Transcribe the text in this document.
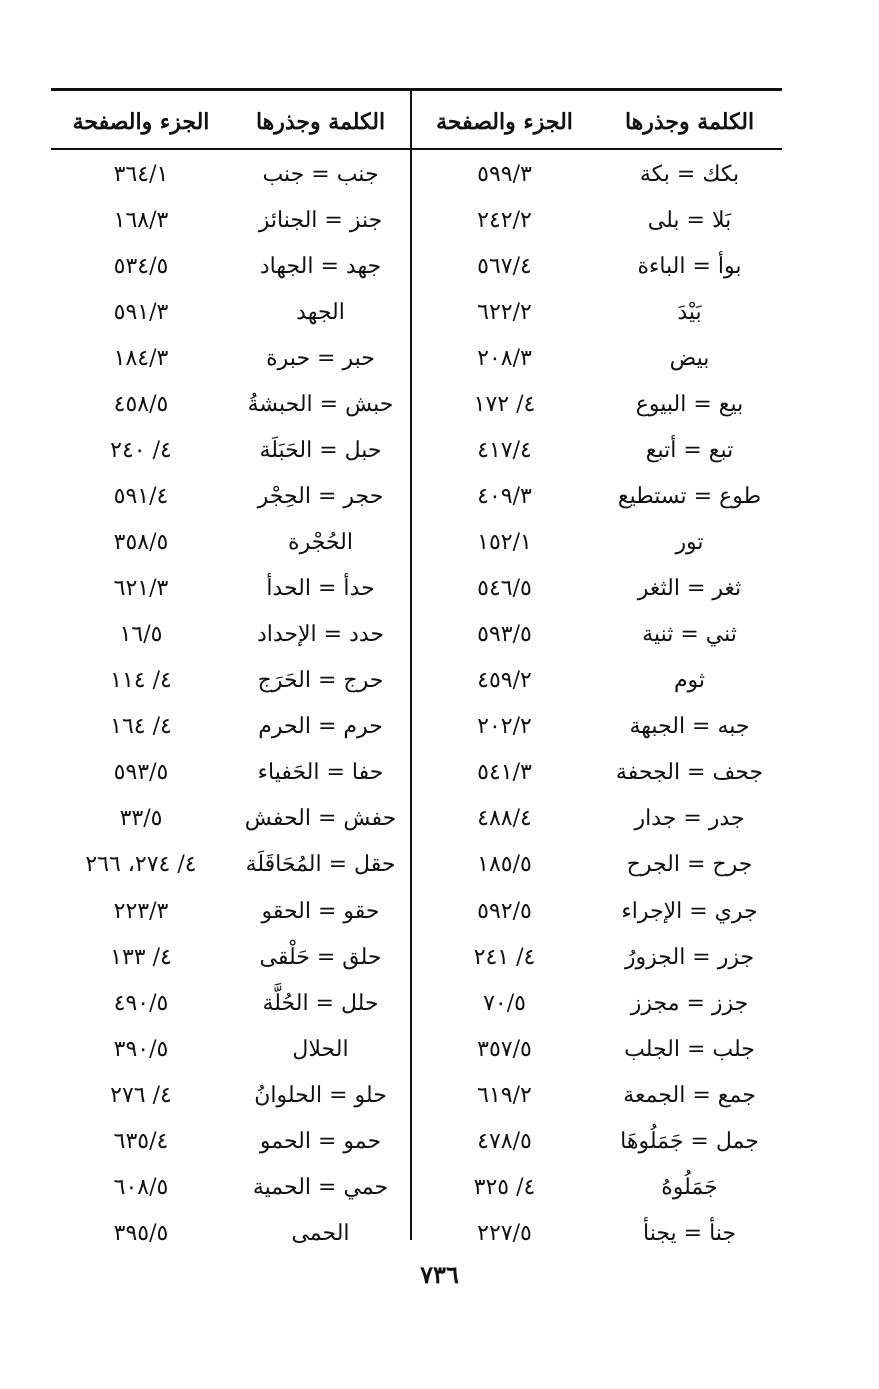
الكلمة وجذرها
الجزء والصفحة
الكلمة وجذرها
الجزء والصفحة
بكك = بكة
٥٩٩/٣
بَلا = بلى
٢٤٢/٢
بوأ = الباءة
٥٦٧/٤
بَيْدَ
٦٢٢/٢
بيض
٢٠٨/٣
بيع = البيوع
٤/ ١٧٢
تبع = أتبع
٤١٧/٤
طوع = تستطيع
٤٠٩/٣
تور
١٥٢/١
ثغر = الثغر
٥٤٦/٥
ثني = ثنية
٥٩٣/٥
ثوم
٤٥٩/٢
جبه = الجبهة
٢٠٢/٢
جحف = الجحفة
٥٤١/٣
جدر = جدار
٤٨٨/٤
جرح = الجرح
١٨٥/٥
جري = الإجراء
٥٩٢/٥
جزر = الجزورُ
٤/ ٢٤١
جزز = مجزز
٧٠/٥
جلب = الجلب
٣٥٧/٥
جمع = الجمعة
٦١٩/٢
جمل = جَمَلُوهَا
٤٧٨/٥
جَمَلُوهُ
٤/ ٣٢٥
جنأ = يجنأ
٢٢٧/٥
جنب = جنب
٣٦٤/١
جنز = الجنائز
١٦٨/٣
جهد = الجهاد
٥٣٤/٥
الجهد
٥٩١/٣
حبر = حبرة
١٨٤/٣
حبش = الحبشةُ
٤٥٨/٥
حبل = الحَبَلَة
٤/ ٢٤٠
حجر = الحِجْر
٥٩١/٤
الحُجْرة
٣٥٨/٥
حدأ = الحدأ
٦٢١/٣
حدد = الإحداد
١٦/٥
حرج = الحَرَج
٤/ ١١٤
حرم = الحرم
٤/ ١٦٤
حفا = الحَفياء
٥٩٣/٥
حفش = الحفش
٣٣/٥
حقل = المُحَاقَلَة
٤/ ٢٧٤، ٢٦٦
حقو = الحقو
٢٢٣/٣
حلق = حَلْقى
٤/ ١٣٣
حلل = الحُلَّة
٤٩٠/٥
الحلال
٣٩٠/٥
حلو = الحلوانُ
٤/ ٢٧٦
حمو = الحمو
٦٣٥/٤
حمي = الحمية
٦٠٨/٥
الحمى
٣٩٥/٥
٧٣٦
